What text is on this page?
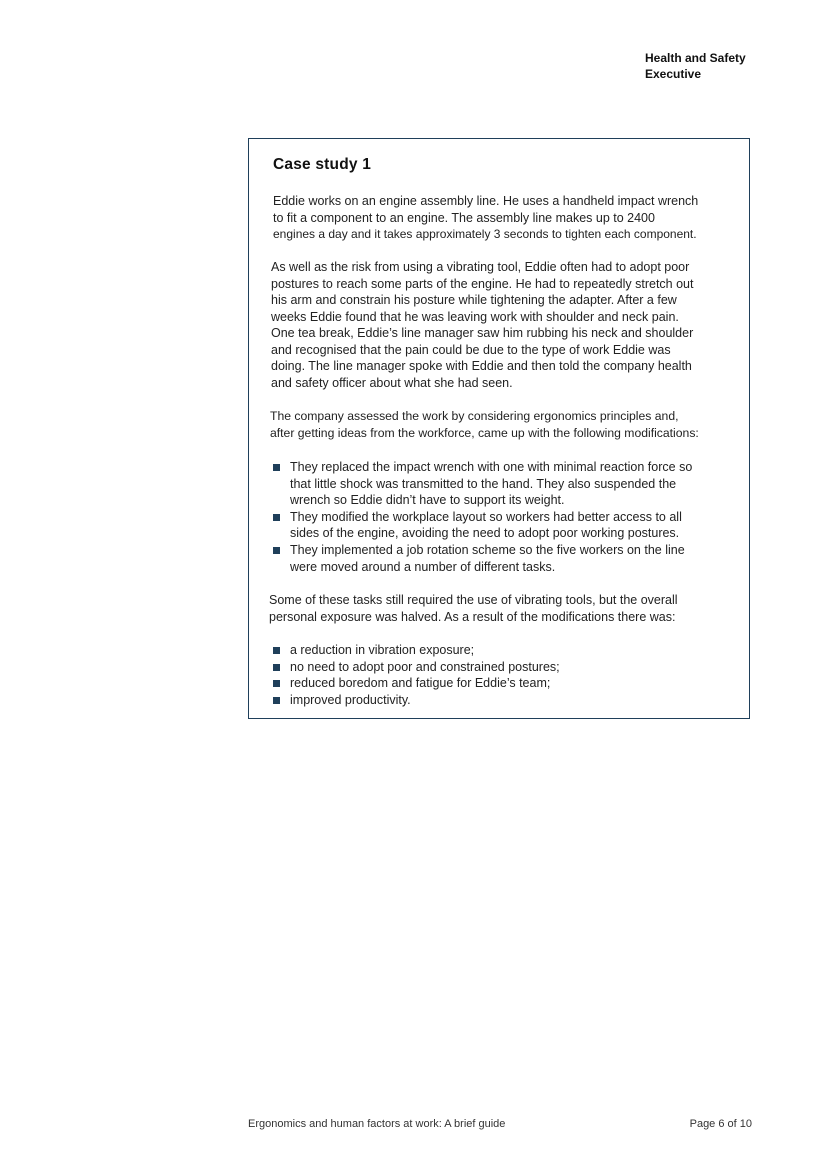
Health and Safety
Executive
Case study 1

Eddie works on an engine assembly line. He uses a handheld impact wrench
to fit a component to an engine. The assembly line makes up to 2400
engines a day and it takes approximately 3 seconds to tighten each component.

As well as the risk from using a vibrating tool, Eddie often had to adopt poor
postures to reach some parts of the engine. He had to repeatedly stretch out
his arm and constrain his posture while tightening the adapter. After a few
weeks Eddie found that he was leaving work with shoulder and neck pain.
One tea break, Eddie’s line manager saw him rubbing his neck and shoulder
and recognised that the pain could be due to the type of work Eddie was
doing. The line manager spoke with Eddie and then told the company health
and safety officer about what she had seen.

The company assessed the work by considering ergonomics principles and,
after getting ideas from the workforce, came up with the following modifications:

They replaced the impact wrench with one with minimal reaction force so
that little shock was transmitted to the hand. They also suspended the
wrench so Eddie didn’t have to support its weight.
They modified the workplace layout so workers had better access to all
sides of the engine, avoiding the need to adopt poor working postures.
They implemented a job rotation scheme so the five workers on the line
were moved around a number of different tasks.

Some of these tasks still required the use of vibrating tools, but the overall
personal exposure was halved. As a result of the modifications there was:

a reduction in vibration exposure;
no need to adopt poor and constrained postures;
reduced boredom and fatigue for Eddie’s team;
improved productivity.
Ergonomics and human factors at work: A brief guide	Page 6 of 10
